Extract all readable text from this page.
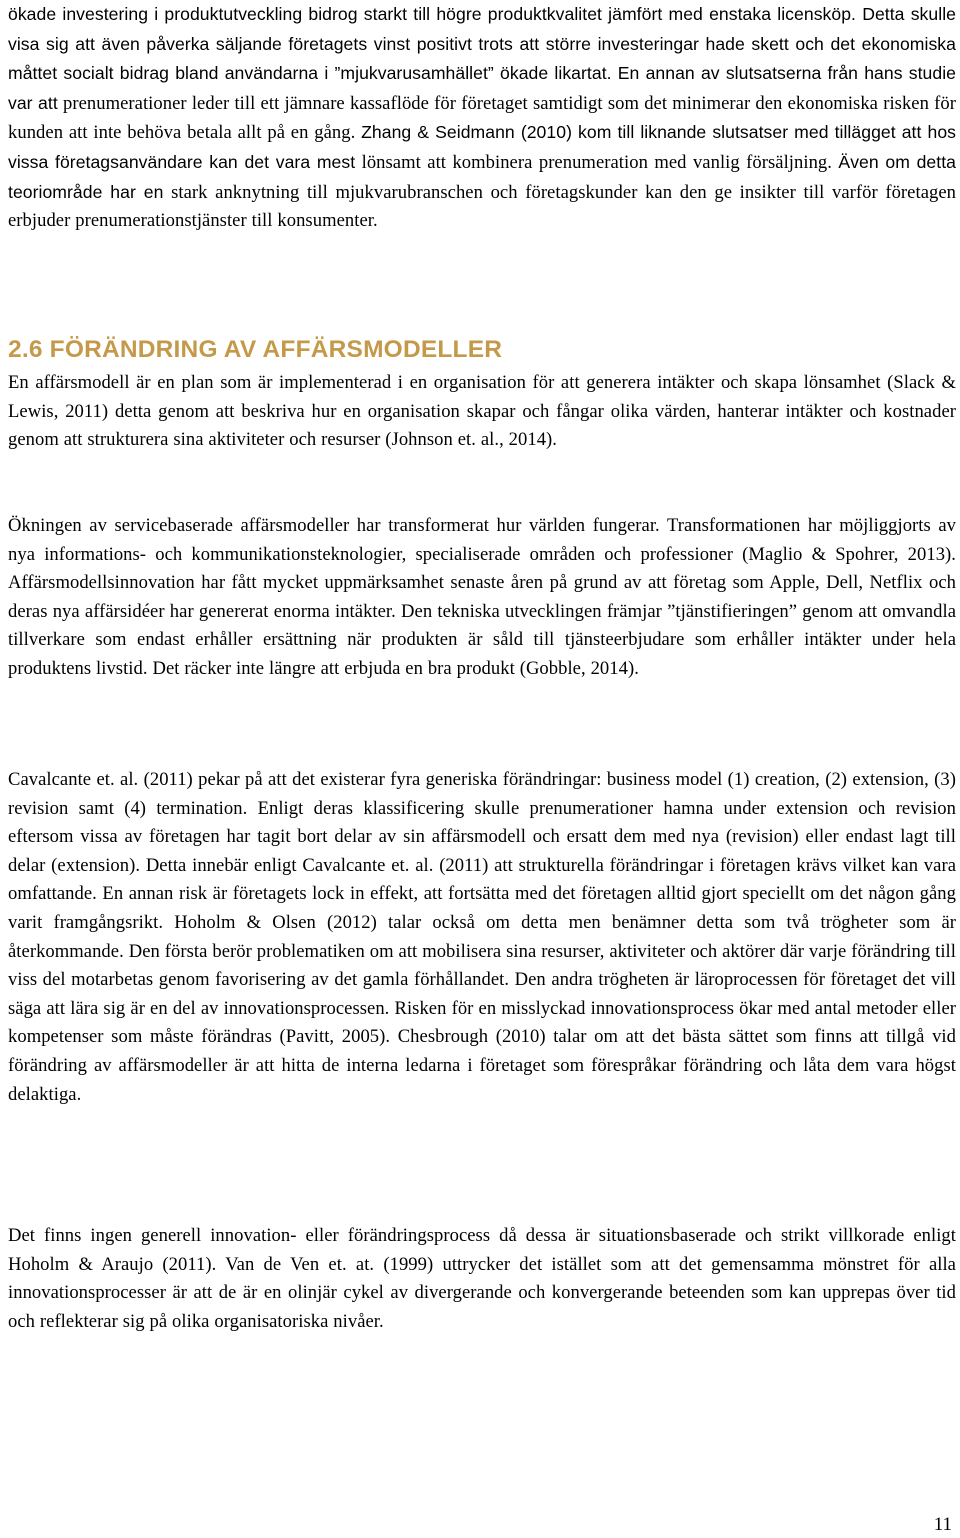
ökade investering i produktutveckling bidrog starkt till högre produktkvalitet jämfört med enstaka licensköp. Detta skulle visa sig att även påverka säljande företagets vinst positivt trots att större investeringar hade skett och det ekonomiska måttet socialt bidrag bland användarna i ”mjukvarusamhället” ökade likartat. En annan av slutsatserna från hans studie var att prenumerationer leder till ett jämnare kassaflöde för företaget samtidigt som det minimerar den ekonomiska risken för kunden att inte behöva betala allt på en gång. Zhang & Seidmann (2010) kom till liknande slutsatser med tillägget att hos vissa företagsanvändare kan det vara mest lönsamt att kombinera prenumeration med vanlig försäljning. Även om detta teoriområde har en stark anknytning till mjukvarubranschen och företagskunder kan den ge insikter till varför företagen erbjuder prenumerationstjänster till konsumenter.

2.6 FÖRÄNDRING AV AFFÄRSMODELLER

En affärsmodell är en plan som är implementerad i en organisation för att generera intäkter och skapa lönsamhet (Slack & Lewis, 2011) detta genom att beskriva hur en organisation skapar och fångar olika värden, hanterar intäkter och kostnader genom att strukturera sina aktiviteter och resurser (Johnson et. al., 2014).

Ökningen av servicebaserade affärsmodeller har transformerat hur världen fungerar. Transformationen har möjliggjorts av nya informations- och kommunikationsteknologier, specialiserade områden och professioner (Maglio & Spohrer, 2013). Affärsmodellsinnovation har fått mycket uppmärksamhet senaste åren på grund av att företag som Apple, Dell, Netflix och deras nya affärsidéer har genererat enorma intäkter. Den tekniska utvecklingen främjar ”tjänstifieringen” genom att omvandla tillverkare som endast erhåller ersättning när produkten är såld till tjänsteerbjudare som erhåller intäkter under hela produktens livstid. Det räcker inte längre att erbjuda en bra produkt (Gobble, 2014).

Cavalcante et. al. (2011) pekar på att det existerar fyra generiska förändringar: business model (1) creation, (2) extension, (3) revision samt (4) termination. Enligt deras klassificering skulle prenumerationer hamna under extension och revision eftersom vissa av företagen har tagit bort delar av sin affärsmodell och ersatt dem med nya (revision) eller endast lagt till delar (extension). Detta innebär enligt Cavalcante et. al. (2011) att strukturella förändringar i företagen krävs vilket kan vara omfattande. En annan risk är företagets lock in effekt, att fortsätta med det företagen alltid gjort speciellt om det någon gång varit framgångsrikt. Hoholm & Olsen (2012) talar också om detta men benämner detta som två trögheter som är återkommande. Den första berör problematiken om att mobilisera sina resurser, aktiviteter och aktörer där varje förändring till viss del motarbetas genom favorisering av det gamla förhållandet. Den andra trögheten är läroprocessen för företaget det vill säga att lära sig är en del av innovationsprocessen. Risken för en misslyckad innovationsprocess ökar med antal metoder eller kompetenser som måste förändras (Pavitt, 2005). Chesbrough (2010) talar om att det bästa sättet som finns att tillgå vid förändring av affärsmodeller är att hitta de interna ledarna i företaget som förespråkar förändring och låta dem vara högst delaktiga.

Det finns ingen generell innovation- eller förändringsprocess då dessa är situationsbaserade och strikt villkorade enligt Hoholm & Araujo (2011). Van de Ven et. at. (1999) uttrycker det istället som att det gemensamma mönstret för alla innovationsprocesser är att de är en olinjär cykel av divergerande och konvergerande beteenden som kan upprepas över tid och reflekterar sig på olika organisatoriska nivåer.

11
